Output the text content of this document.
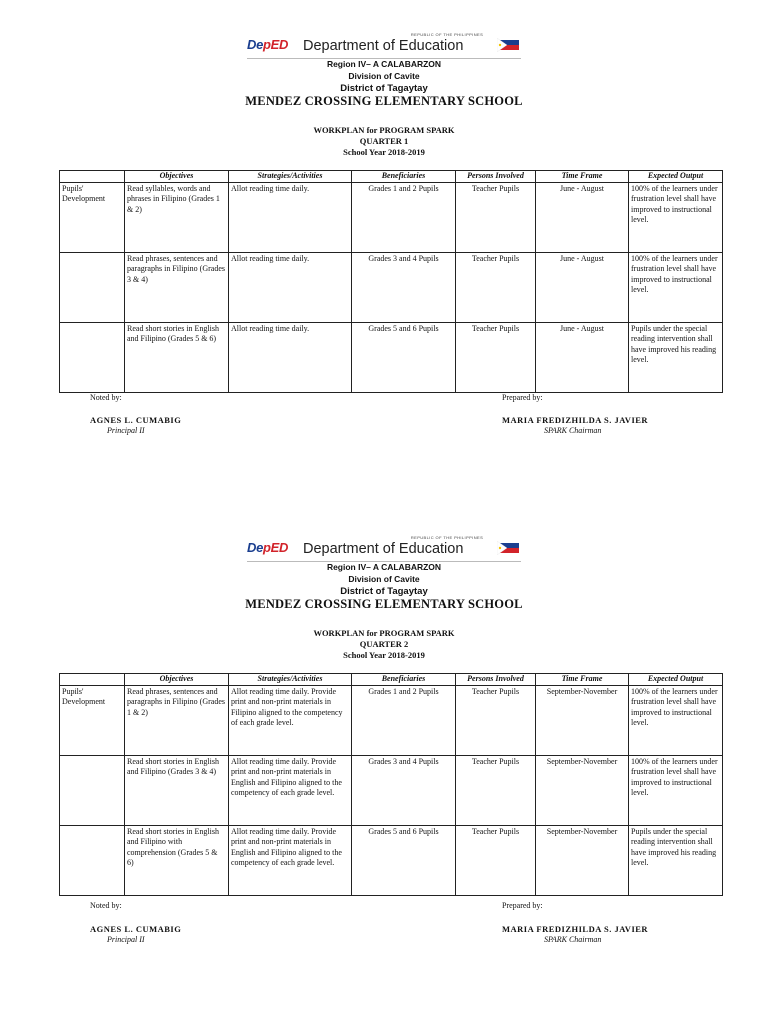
DepED
REPUBLIC OF THE PHILIPPINES
Department of Education
Region IV– A CALABARZON
Division of Cavite
District of Tagaytay
MENDEZ CROSSING ELEMENTARY SCHOOL
WORKPLAN for PROGRAM SPARK
QUARTER 1
School Year 2018-2019
	Objectives	Strategies/Activities	Beneficiaries	Persons Involved	Time Frame	Expected Output
Pupils' Development	Read syllables, words and phrases in Filipino (Grades 1 & 2)	Allot reading time daily.	Grades 1 and 2 Pupils	Teacher Pupils	June - August	100% of the learners under frustration level shall have improved to instructional level.
	Read phrases, sentences and paragraphs in Filipino (Grades 3 & 4)	Allot reading time daily.	Grades 3 and 4 Pupils	Teacher Pupils	June - August	100% of the learners under frustration level shall have improved to instructional level.
	Read short stories in English and Filipino (Grades 5 & 6)	Allot reading time daily.	Grades 5 and 6 Pupils	Teacher Pupils	June - August	Pupils under the special reading intervention shall have improved his reading level.
Noted by:	Prepared by:
AGNES L. CUMABIG
Principal II
MARIA FREDIZHILDA S. JAVIER
SPARK Chairman
DepED
REPUBLIC OF THE PHILIPPINES
Department of Education
Region IV– A CALABARZON
Division of Cavite
District of Tagaytay
MENDEZ CROSSING ELEMENTARY SCHOOL
WORKPLAN for PROGRAM SPARK
QUARTER 2
School Year 2018-2019
	Objectives	Strategies/Activities	Beneficiaries	Persons Involved	Time Frame	Expected Output
Pupils' Development	Read phrases, sentences and paragraphs in Filipino (Grades 1 & 2)	Allot reading time daily. Provide print and non-print materials in Filipino aligned to the competency of each grade level.	Grades 1 and 2 Pupils	Teacher Pupils	September-November	100% of the learners under frustration level shall have improved to instructional level.
	Read short stories in English and Filipino (Grades 3 & 4)	Allot reading time daily. Provide print and non-print materials in English and Filipino aligned to the competency of each grade level.	Grades 3 and 4 Pupils	Teacher Pupils	September-November	100% of the learners under frustration level shall have improved to instructional level.
	Read short stories in English and Filipino with comprehension (Grades 5 & 6)	Allot reading time daily. Provide print and non-print materials in English and Filipino aligned to the competency of each grade level.	Grades 5 and 6 Pupils	Teacher Pupils	September-November	Pupils under the special reading intervention shall have improved his reading level.
Noted by:	Prepared by:
AGNES L. CUMABIG
Principal II
MARIA FREDIZHILDA S. JAVIER
SPARK Chairman
